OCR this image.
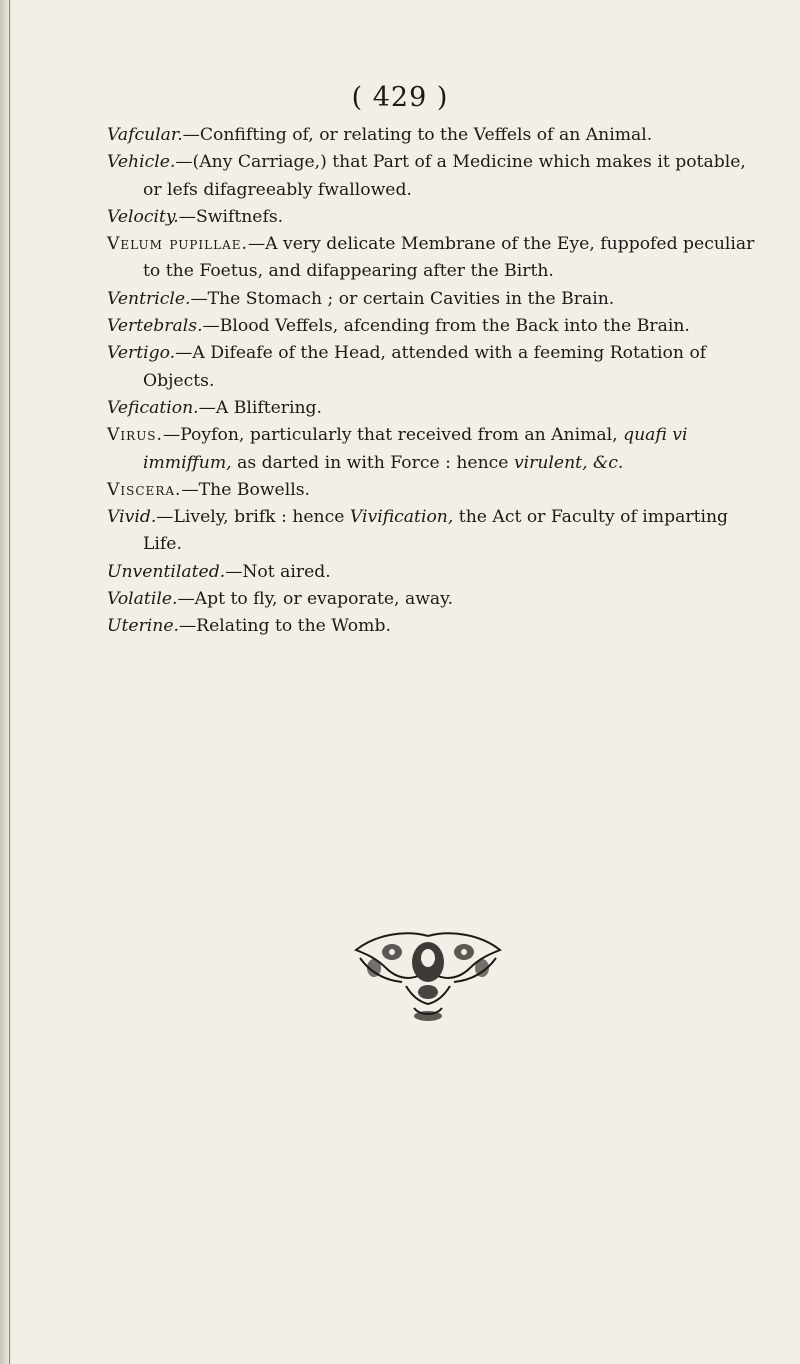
( 429 )

Vafcular.—Confifting of, or relating to the Veffels of an Animal.

Vehicle.—(Any Carriage,) that Part of a Medicine which makes it potable, or lefs difagreeably fwallowed.

Velocity.—Swiftnefs.

Velum pupillae.—A very delicate Membrane of the Eye, fuppofed peculiar to the Foetus, and difappearing after the Birth.

Ventricle.—The Stomach ; or certain Cavities in the Brain.

Vertebrals.—Blood Veffels, afcending from the Back into the Brain.

Vertigo.—A Difeafe of the Head, attended with a feeming Rotation of Objects.

Vefication.—A Bliftering.

Virus.—Poyfon, particularly that received from an Animal, quafi vi immiffum, as darted in with Force : hence virulent, &c.

Viscera.—The Bowells.

Vivid.—Lively, brifk : hence Vivification, the Act or Faculty of imparting Life.

Unventilated.—Not aired.

Volatile.—Apt to fly, or evaporate, away.

Uterine.—Relating to the Womb.
